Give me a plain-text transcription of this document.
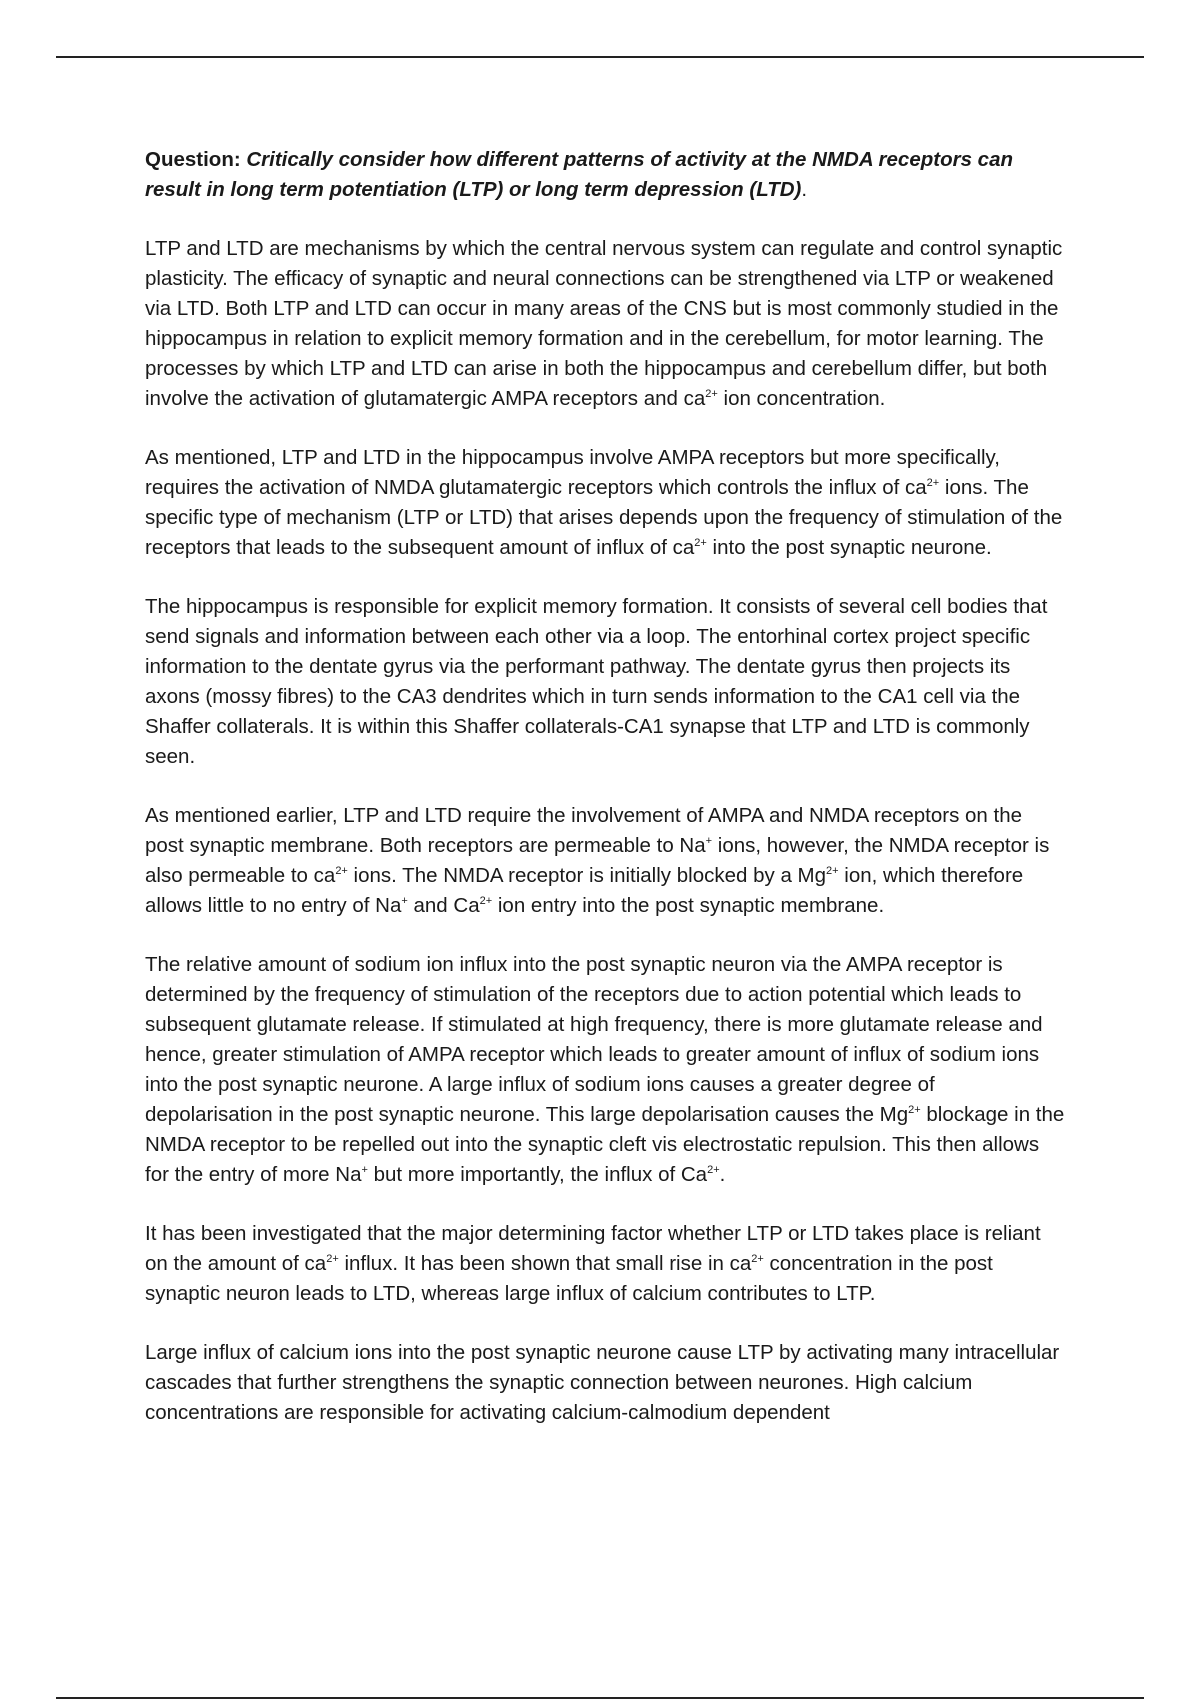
Question: Critically consider how different patterns of activity at the NMDA receptors can result in long term potentiation (LTP) or long term depression (LTD).

LTP and LTD are mechanisms by which the central nervous system can regulate and control synaptic plasticity. The efficacy of synaptic and neural connections can be strengthened via LTP or weakened via LTD. Both LTP and LTD can occur in many areas of the CNS but is most commonly studied in the hippocampus in relation to explicit memory formation and in the cerebellum, for motor learning. The processes by which LTP and LTD can arise in both the hippocampus and cerebellum differ, but both involve the activation of glutamatergic AMPA receptors and $ca^{2+}$ ion concentration.

As mentioned, LTP and LTD in the hippocampus involve AMPA receptors but more specifically, requires the activation of NMDA glutamatergic receptors which controls the influx of $ca^{2+}$ ions. The specific type of mechanism (LTP or LTD) that arises depends upon the frequency of stimulation of the receptors that leads to the subsequent amount of influx of $ca^{2+}$ into the post synaptic neurone.

The hippocampus is responsible for explicit memory formation. It consists of several cell bodies that send signals and information between each other via a loop. The entorhinal cortex project specific information to the dentate gyrus via the performant pathway. The dentate gyrus then projects its axons (mossy fibres) to the CA3 dendrites which in turn sends information to the CA1 cell via the Shaffer collaterals. It is within this Shaffer collaterals-CA1 synapse that LTP and LTD is commonly seen.

As mentioned earlier, LTP and LTD require the involvement of AMPA and NMDA receptors on the post synaptic membrane. Both receptors are permeable to Na+ ions, however, the NMDA receptor is also permeable to $ca^{2+}$ ions. The NMDA receptor is initially blocked by a $Mg^{2+}$ ion, which therefore allows little to no entry of Na+ and $Ca^{2+}$ ion entry into the post synaptic membrane.

The relative amount of sodium ion influx into the post synaptic neuron via the AMPA receptor is determined by the frequency of stimulation of the receptors due to action potential which leads to subsequent glutamate release. If stimulated at high frequency, there is more glutamate release and hence, greater stimulation of AMPA receptor which leads to greater amount of influx of sodium ions into the post synaptic neurone. A large influx of sodium ions causes a greater degree of depolarisation in the post synaptic neurone. This large depolarisation causes the $Mg^{2+}$ blockage in the NMDA receptor to be repelled out into the synaptic cleft vis electrostatic repulsion. This then allows for the entry of more Na+ but more importantly, the influx of $Ca^{2+}$.

It has been investigated that the major determining factor whether LTP or LTD takes place is reliant on the amount of $ca^{2+}$ influx. It has been shown that small rise in $ca^{2+}$ concentration in the post synaptic neuron leads to LTD, whereas large influx of calcium contributes to LTP.

Large influx of calcium ions into the post synaptic neurone cause LTP by activating many intracellular cascades that further strengthens the synaptic connection between neurones. High calcium concentrations are responsible for activating calcium-calmodium dependent
